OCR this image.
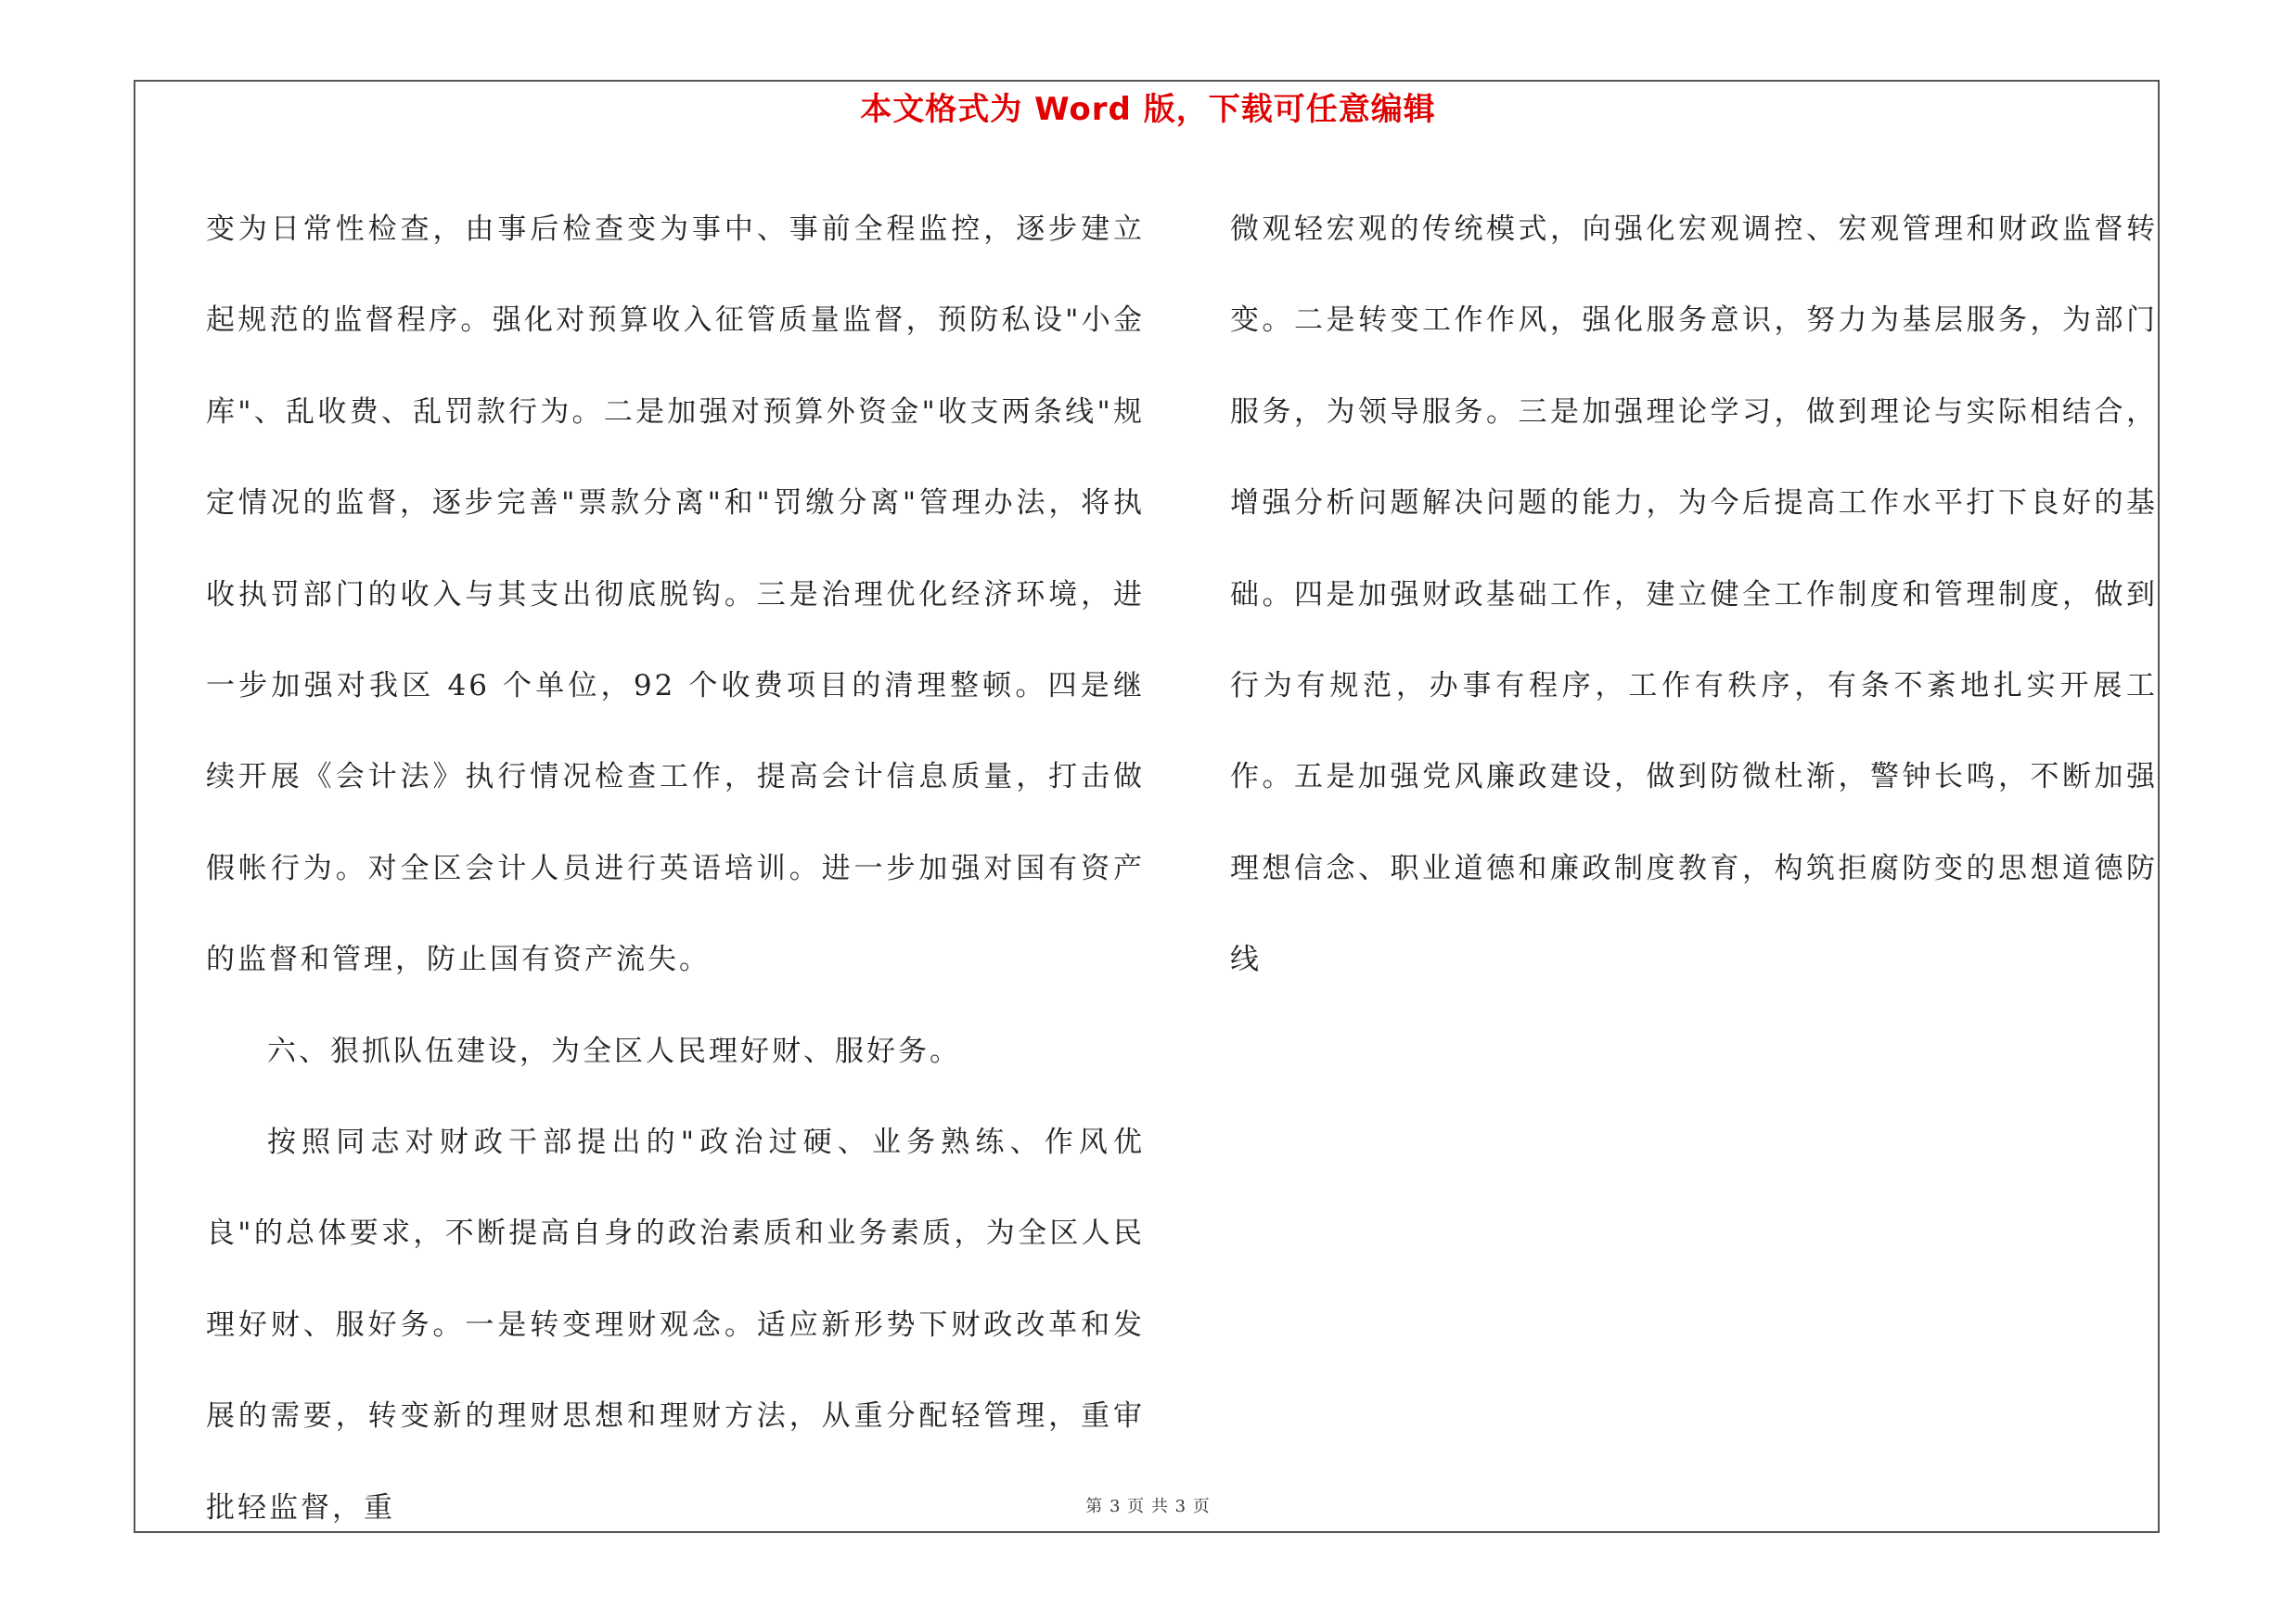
本文格式为 Word 版，下载可任意编辑

变为日常性检查，由事后检查变为事中、事前全程监控，逐步建立起规范的监督程序。强化对预算收入征管质量监督，预防私设"小金库"、乱收费、乱罚款行为。二是加强对预算外资金"收支两条线"规定情况的监督，逐步完善"票款分离"和"罚缴分离"管理办法，将执收执罚部门的收入与其支出彻底脱钩。三是治理优化经济环境，进一步加强对我区 46 个单位，92 个收费项目的清理整顿。四是继续开展《会计法》执行情况检查工作，提高会计信息质量，打击做假帐行为。对全区会计人员进行英语培训。进一步加强对国有资产的监督和管理，防止国有资产流失。

六、狠抓队伍建设，为全区人民理好财、服好务。

按照同志对财政干部提出的"政治过硬、业务熟练、作风优良"的总体要求，不断提高自身的政治素质和业务素质，为全区人民理好财、服好务。一是转变理财观念。适应新形势下财政改革和发展的需要，转变新的理财思想和理财方法，从重分配轻管理，重审批轻监督，重

微观轻宏观的传统模式，向强化宏观调控、宏观管理和财政监督转变。二是转变工作作风，强化服务意识，努力为基层服务，为部门服务，为领导服务。三是加强理论学习，做到理论与实际相结合，增强分析问题解决问题的能力，为今后提高工作水平打下良好的基础。四是加强财政基础工作，建立健全工作制度和管理制度，做到行为有规范，办事有程序，工作有秩序，有条不紊地扎实开展工作。五是加强党风廉政建设，做到防微杜渐，警钟长鸣，不断加强理想信念、职业道德和廉政制度教育，构筑拒腐防变的思想道德防线

第 3 页 共 3 页
